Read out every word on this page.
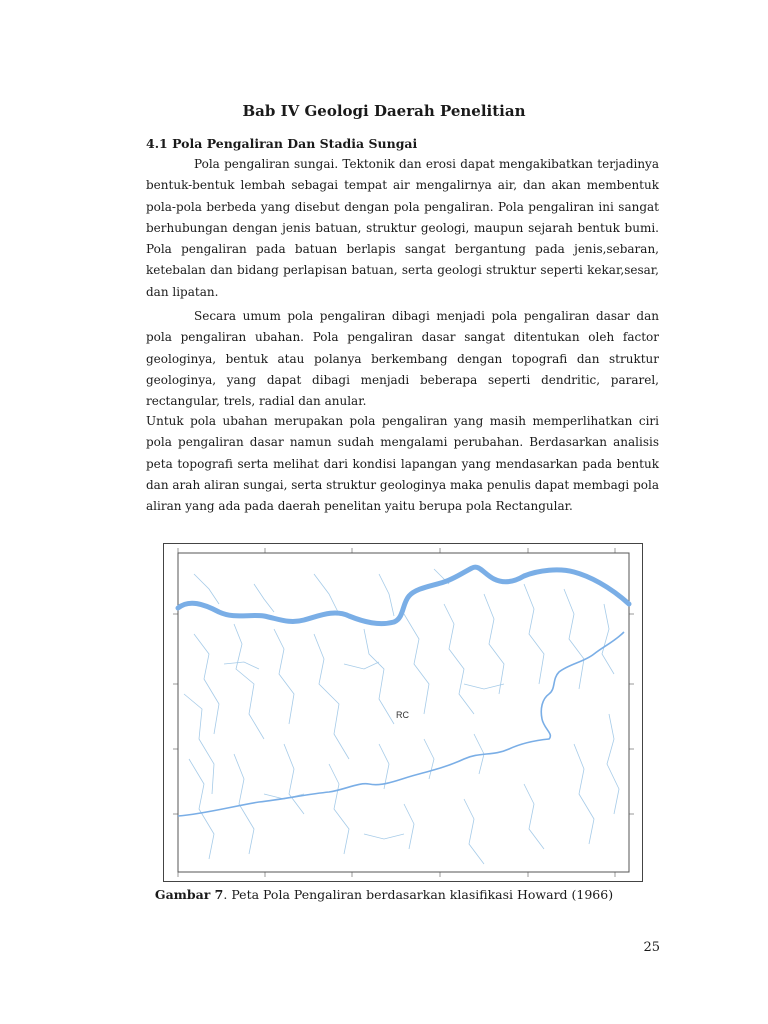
Bab IV Geologi Daerah Penelitian
4.1 Pola Pengaliran Dan Stadia Sungai
Pola pengaliran sungai. Tektonik dan erosi dapat mengakibatkan terjadinya bentuk-bentuk lembah sebagai tempat air mengalirnya air, dan akan membentuk pola-pola berbeda yang disebut dengan pola pengaliran. Pola pengaliran ini sangat berhubungan dengan jenis batuan, struktur geologi, maupun sejarah bentuk bumi. Pola pengaliran pada batuan berlapis sangat bergantung pada jenis,sebaran, ketebalan dan bidang perlapisan batuan, serta geologi struktur seperti kekar,sesar, dan lipatan.
Secara umum pola pengaliran dibagi menjadi pola pengaliran dasar dan pola pengaliran ubahan. Pola pengaliran dasar sangat ditentukan oleh factor geologinya, bentuk atau polanya berkembang dengan topografi dan struktur geologinya, yang dapat dibagi menjadi beberapa seperti dendritic, pararel, rectangular, trels, radial dan anular.
Untuk pola ubahan merupakan pola pengaliran yang masih memperlihatkan ciri pola pengaliran dasar namun sudah mengalami perubahan. Berdasarkan analisis peta topografi serta melihat dari kondisi lapangan yang mendasarkan pada bentuk dan arah aliran sungai, serta struktur geologinya maka penulis dapat membagi pola aliran yang ada pada daerah penelitan yaitu berupa pola Rectangular.
RC
Gambar 7. Peta Pola Pengaliran berdasarkan klasifikasi Howard (1966)
25
